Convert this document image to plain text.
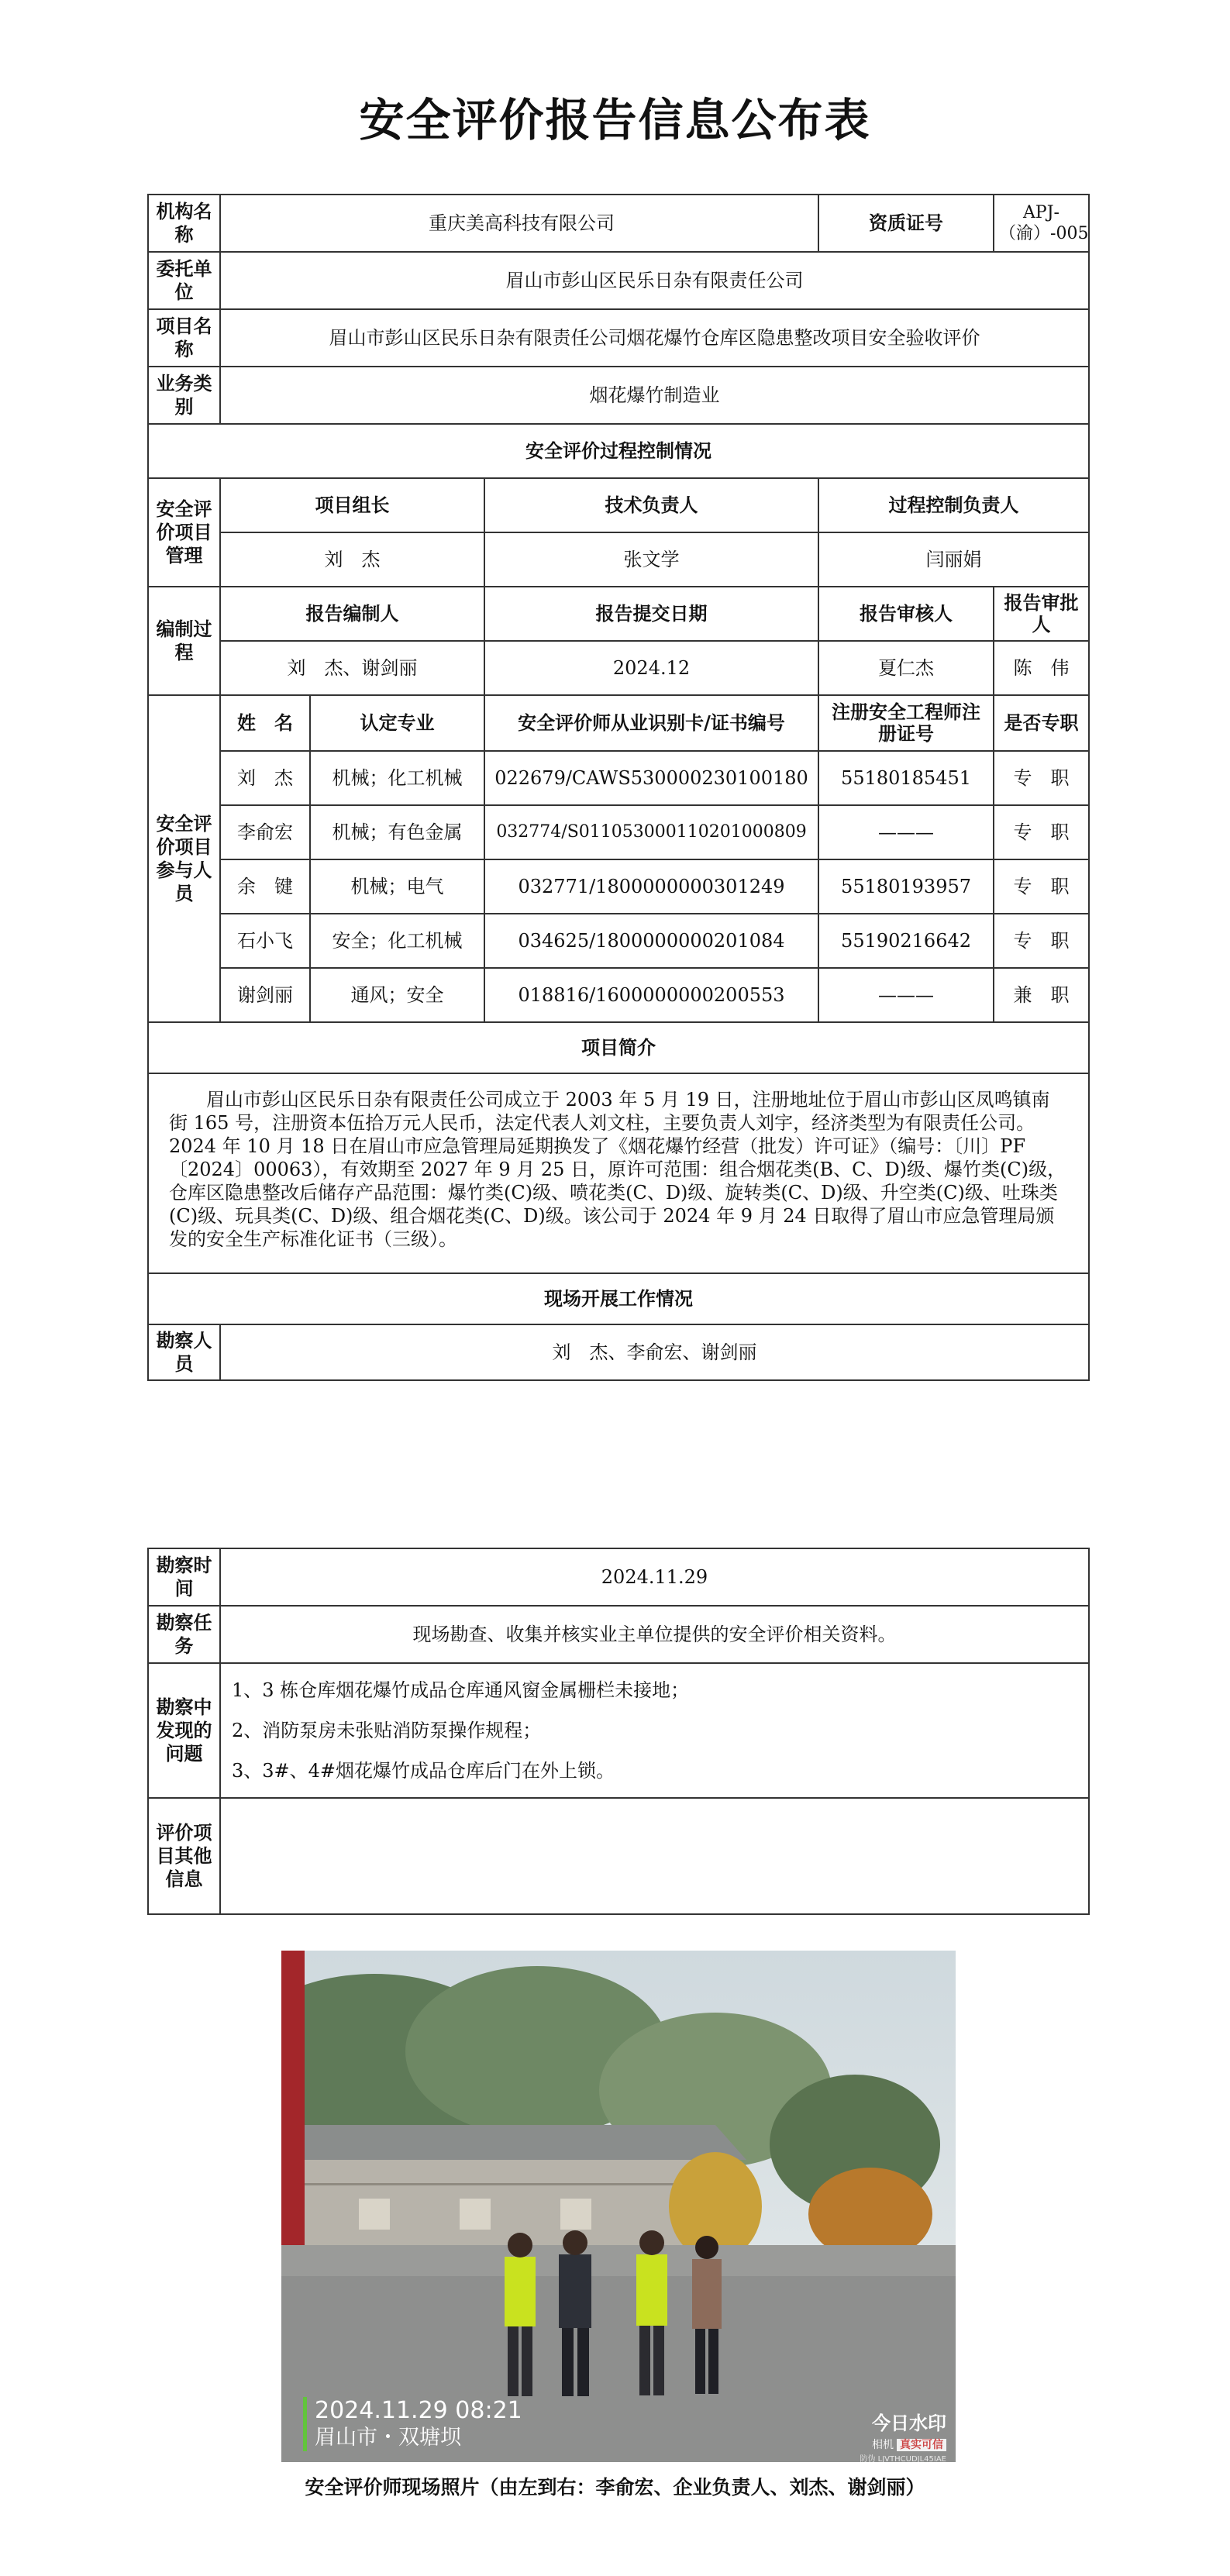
安全评价报告信息公布表
机构名称	重庆美高科技有限公司			资质证号	APJ-（渝）-005
委托单位	眉山市彭山区民乐日杂有限责任公司				
项目名称	眉山市彭山区民乐日杂有限责任公司烟花爆竹仓库区隐患整改项目安全验收评价				
业务类别	烟花爆竹制造业				
安全评价过程控制情况					
安全评价项目管理	项目组长		技术负责人	过程控制负责人	
	刘　杰		张文学	闫丽娟	
编制过程	报告编制人		报告提交日期	报告审核人	报告审批人
	刘　杰、谢剑丽		2024.12	夏仁杰	陈　伟
安全评价项目参与人员	姓　名	认定专业	安全评价师从业识别卡/证书编号	注册安全工程师注册证号	是否专职
	刘　杰	机械；化工机械	022679/CAWS530000230100180	55180185451	专　职
	李俞宏	机械；有色金属	032774/S011053000110201000809	———	专　职
	余　键	机械；电气	032771/1800000000301249	55180193957	专　职
	石小飞	安全；化工机械	034625/1800000000201084	55190216642	专　职
	谢剑丽	通风；安全	018816/1600000000200553	———	兼　职
项目简介					
眉山市彭山区民乐日杂有限责任公司成立于 2003 年 5 月 19 日，注册地址位于眉山市彭山区凤鸣镇南街 165 号，注册资本伍拾万元人民币，法定代表人刘文柱，主要负责人刘宇，经济类型为有限责任公司。2024 年 10 月 18 日在眉山市应急管理局延期换发了《烟花爆竹经营（批发）许可证》（编号：〔川〕PF〔2024〕00063），有效期至 2027 年 9 月 25 日，原许可范围：组合烟花类(B、C、D)级、爆竹类(C)级，仓库区隐患整改后储存产品范围：爆竹类(C)级、喷花类(C、D)级、旋转类(C、D)级、升空类(C)级、吐珠类(C)级、玩具类(C、D)级、组合烟花类(C、D)级。该公司于 2024 年 9 月 24 日取得了眉山市应急管理局颁发的安全生产标准化证书（三级）。					
现场开展工作情况					
勘察人员	刘　杰、李俞宏、谢剑丽				
勘察时间	2024.11.29
勘察任务	现场勘查、收集并核实业主单位提供的安全评价相关资料。
勘察中发现的问题	1、3 栋仓库烟花爆竹成品仓库通风窗金属栅栏未接地；
2、消防泵房未张贴消防泵操作规程；
3、3#、4#烟花爆竹成品仓库后门在外上锁。

评价项目其他信息	
2024.11.29 08:21
眉山市・双塘坝
今日水印
相机 真实可信
防伪 LJVTHCUDJL45IAE
安全评价师现场照片（由左到右：李俞宏、企业负责人、刘杰、谢剑丽）
